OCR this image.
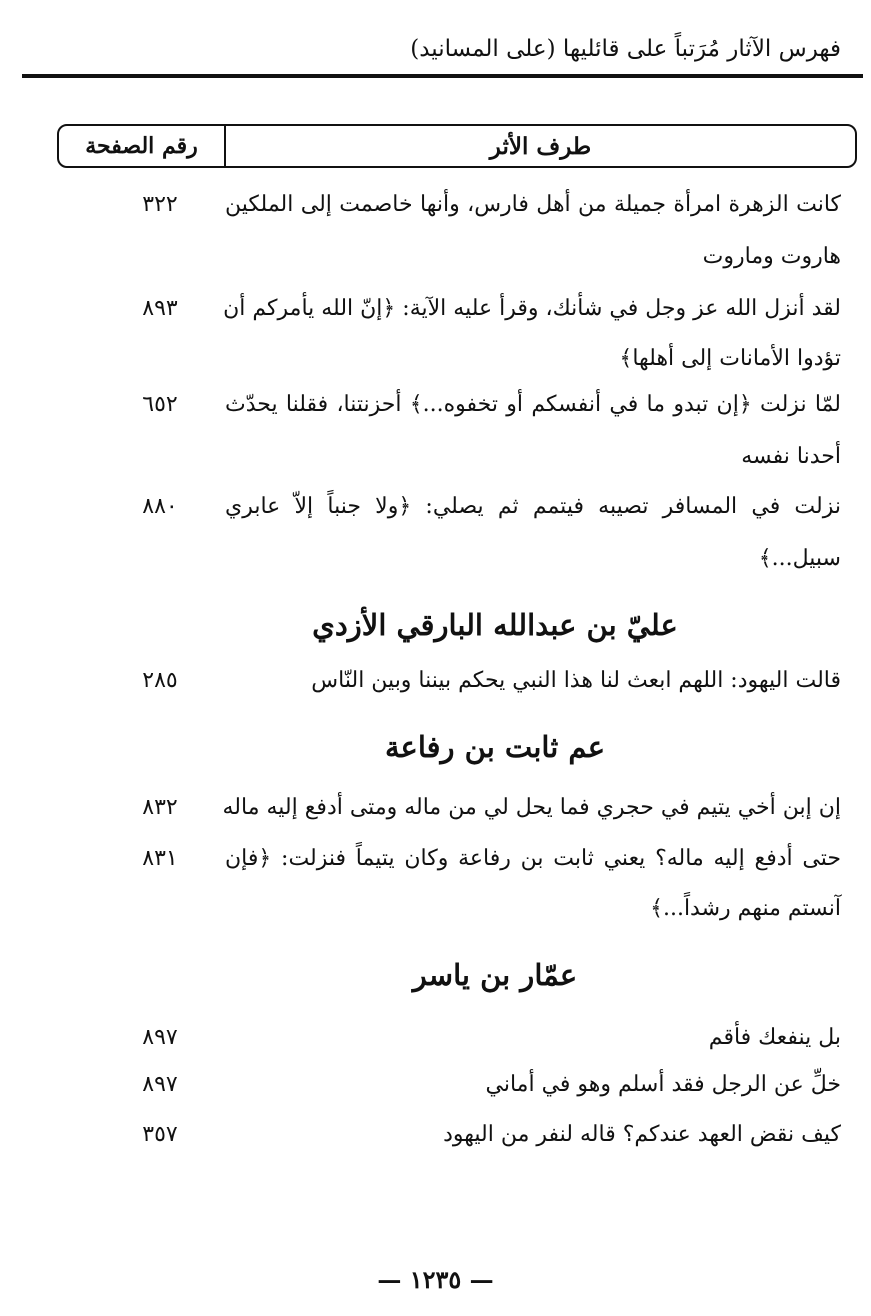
فهرس الآثار مُرَتباً على قائليها (على المسانيد)
رقم الصفحة	طرف الأثر
كانت الزهرة امرأة جميلة من أهل فارس، وأنها خاصمت إلى الملكين
٣٢٢
هاروت وماروت
لقد أنزل الله عز وجل في شأنك، وقرأ عليه الآية: ﴿إنّ الله يأمركم أن
٨٩٣
تؤدوا الأمانات إلى أهلها﴾
لمّا نزلت ﴿إن تبدو ما في أنفسكم أو تخفوه...﴾ أحزنتنا، فقلنا يحدّث
٦٥٢
أحدنا نفسه
نزلت في المسافر تصيبه فيتمم ثم يصلي: ﴿ولا جنباً إلاّ عابري
٨٨٠
سبيل...﴾
عليّ بن عبدالله البارقي الأزدي
قالت اليهود: اللهم ابعث لنا هذا النبي يحكم بيننا وبين النّاس
٢٨٥
عم ثابت بن رفاعة
إن إبن أخي يتيم في حجري فما يحل لي من ماله ومتى أدفع إليه ماله
٨٣٢
حتى أدفع إليه ماله؟ يعني ثابت بن رفاعة وكان يتيماً فنزلت: ﴿فإن
٨٣١
آنستم منهم رشداً...﴾
عمّار بن ياسر
بل ينفعك فأقم
٨٩٧
خلِّ عن الرجل فقد أسلم وهو في أماني
٨٩٧
كيف نقض العهد عندكم؟ قاله لنفر من اليهود
٣٥٧
— ١٢٣٥ —
